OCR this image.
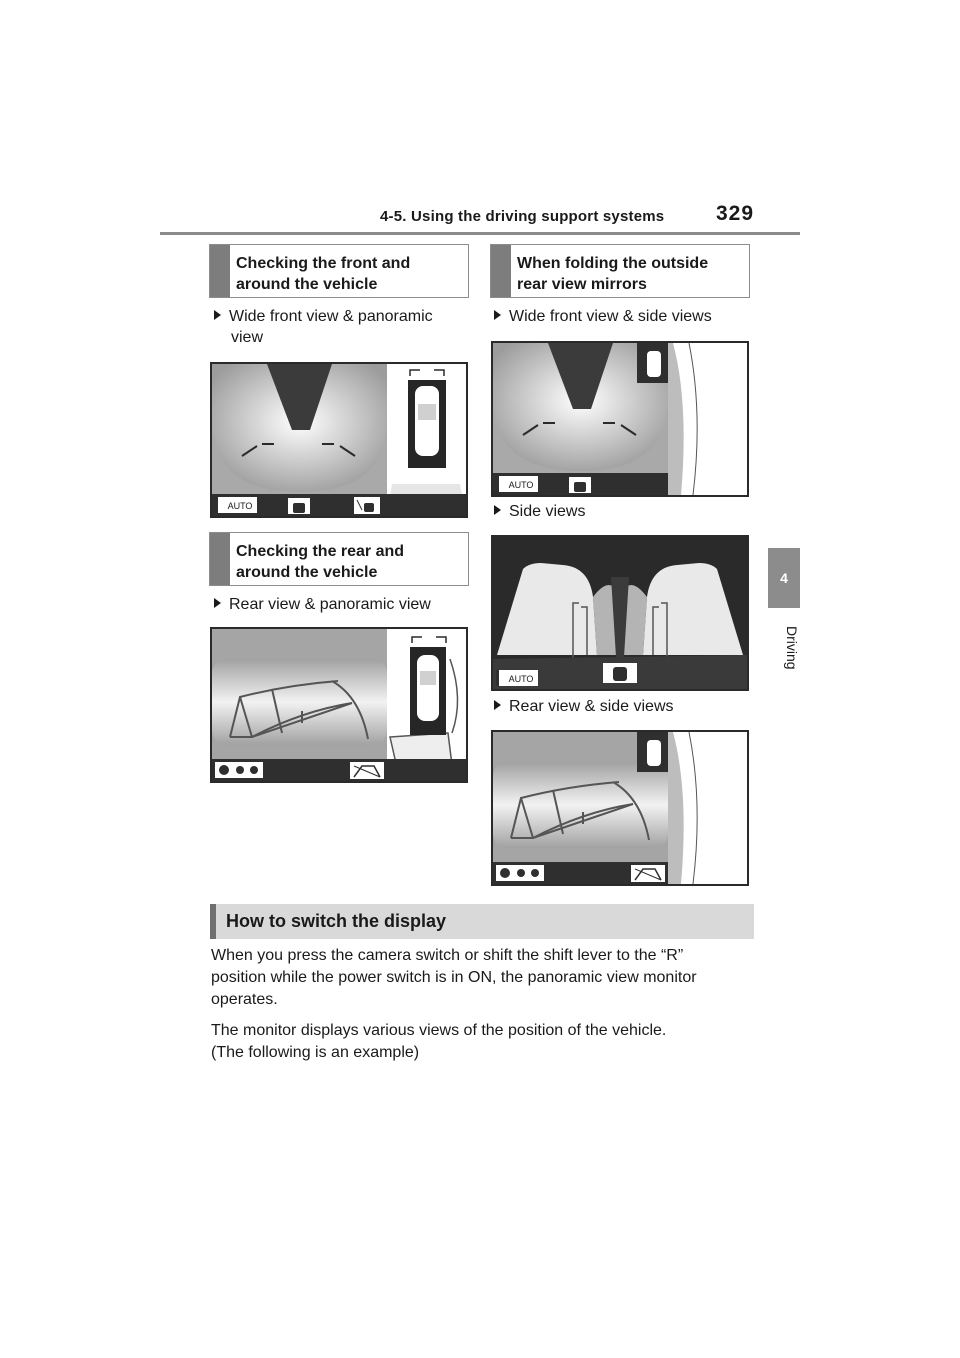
4-5. Using the driving support systems 329
4
Driving
Checking the front and
around the vehicle
Wide front view & panoramic
view
AUTO
Checking the rear and
around the vehicle
Rear view & panoramic view
When folding the outside
rear view mirrors
Wide front view & side views
AUTO
Side views
AUTO
Rear view & side views
How to switch the display
When you press the camera switch or shift the shift lever to the “R”
position while the power switch is in ON, the panoramic view monitor
operates.
The monitor displays various views of the position of the vehicle.
(The following is an example)
